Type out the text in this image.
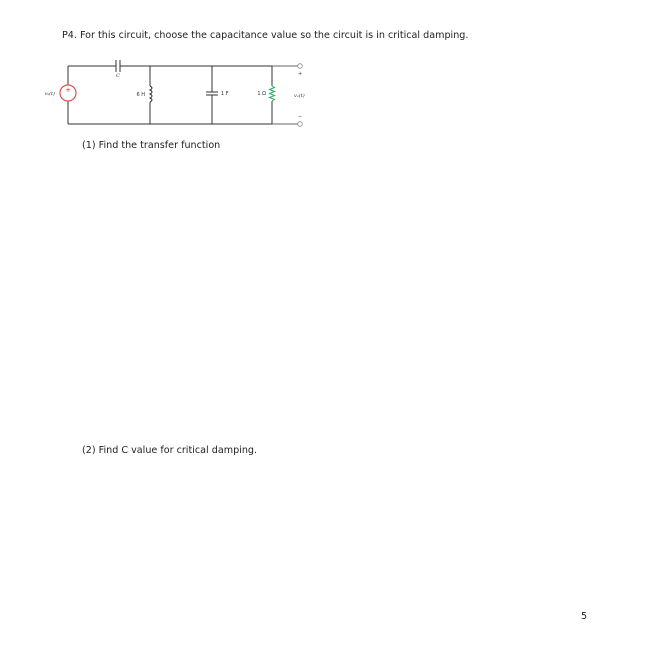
P4. For this circuit, choose the capacitance value so the circuit is in critical damping.
C
+
vₛ(t)	6 H	1 F	1 Ω
+
−
vₒ(t)
(1) Find the transfer function
(2) Find C value for critical damping.
5
